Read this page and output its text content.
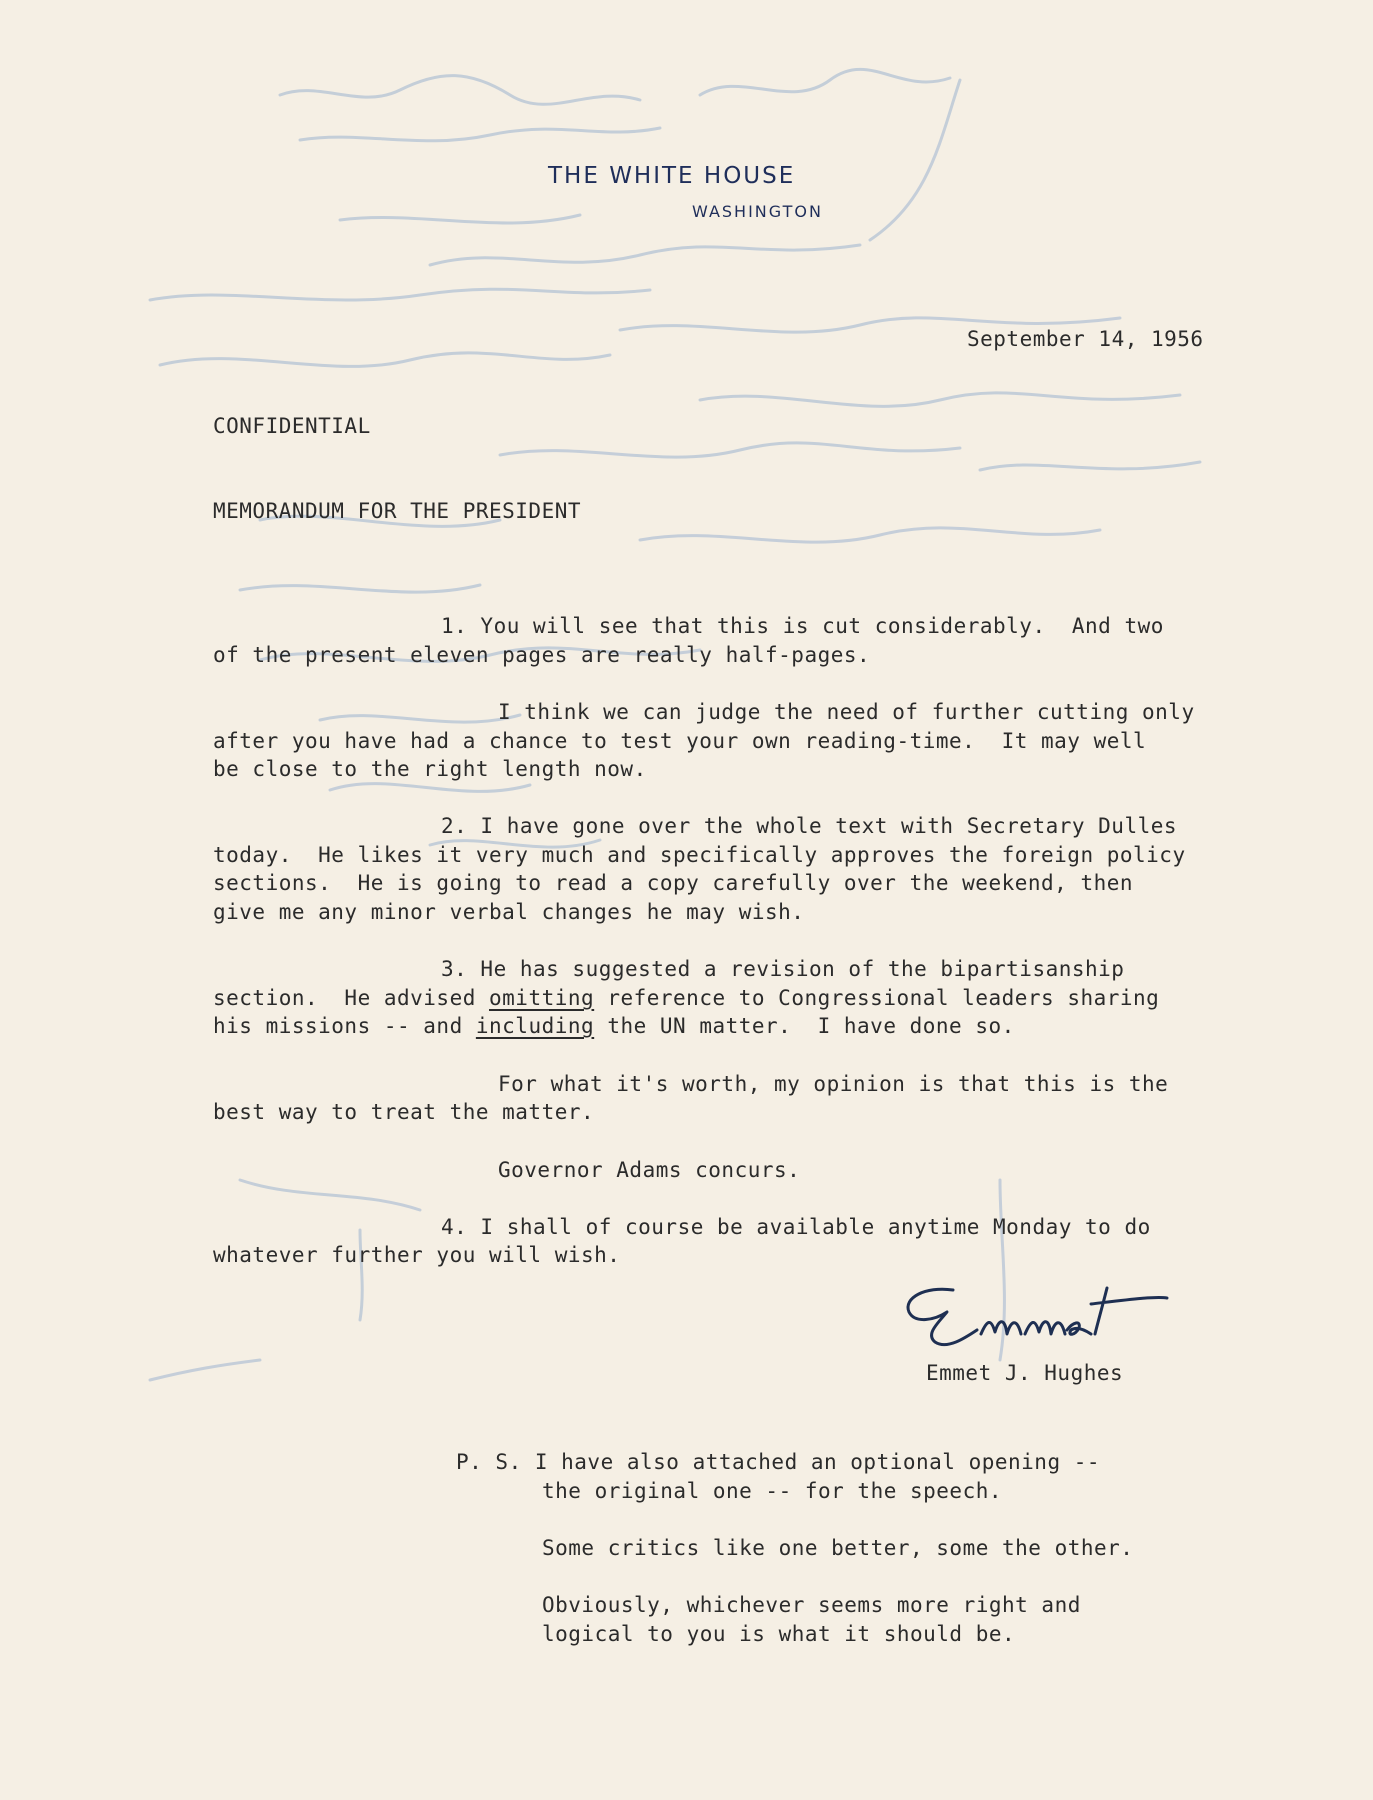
THE WHITE HOUSE
WASHINGTON
September 14, 1956
CONFIDENTIAL
MEMORANDUM FOR THE PRESIDENT
1. You will see that this is cut considerably.  And two
of the present eleven pages are really half-pages.
I think we can judge the need of further cutting only
after you have had a chance to test your own reading-time.  It may well
be close to the right length now.
2. I have gone over the whole text with Secretary Dulles
today.  He likes it very much and specifically approves the foreign policy
sections.  He is going to read a copy carefully over the weekend, then
give me any minor verbal changes he may wish.
3. He has suggested a revision of the bipartisanship
section.  He advised omitting reference to Congressional leaders sharing
his missions -- and including the UN matter.  I have done so.
For what it's worth, my opinion is that this is the
best way to treat the matter.
Governor Adams concurs.
4. I shall of course be available anytime Monday to do
whatever further you will wish.
Emmet J. Hughes
P. S. I have also attached an optional opening --
the original one -- for the speech.
Some critics like one better, some the other.
Obviously, whichever seems more right and
logical to you is what it should be.
